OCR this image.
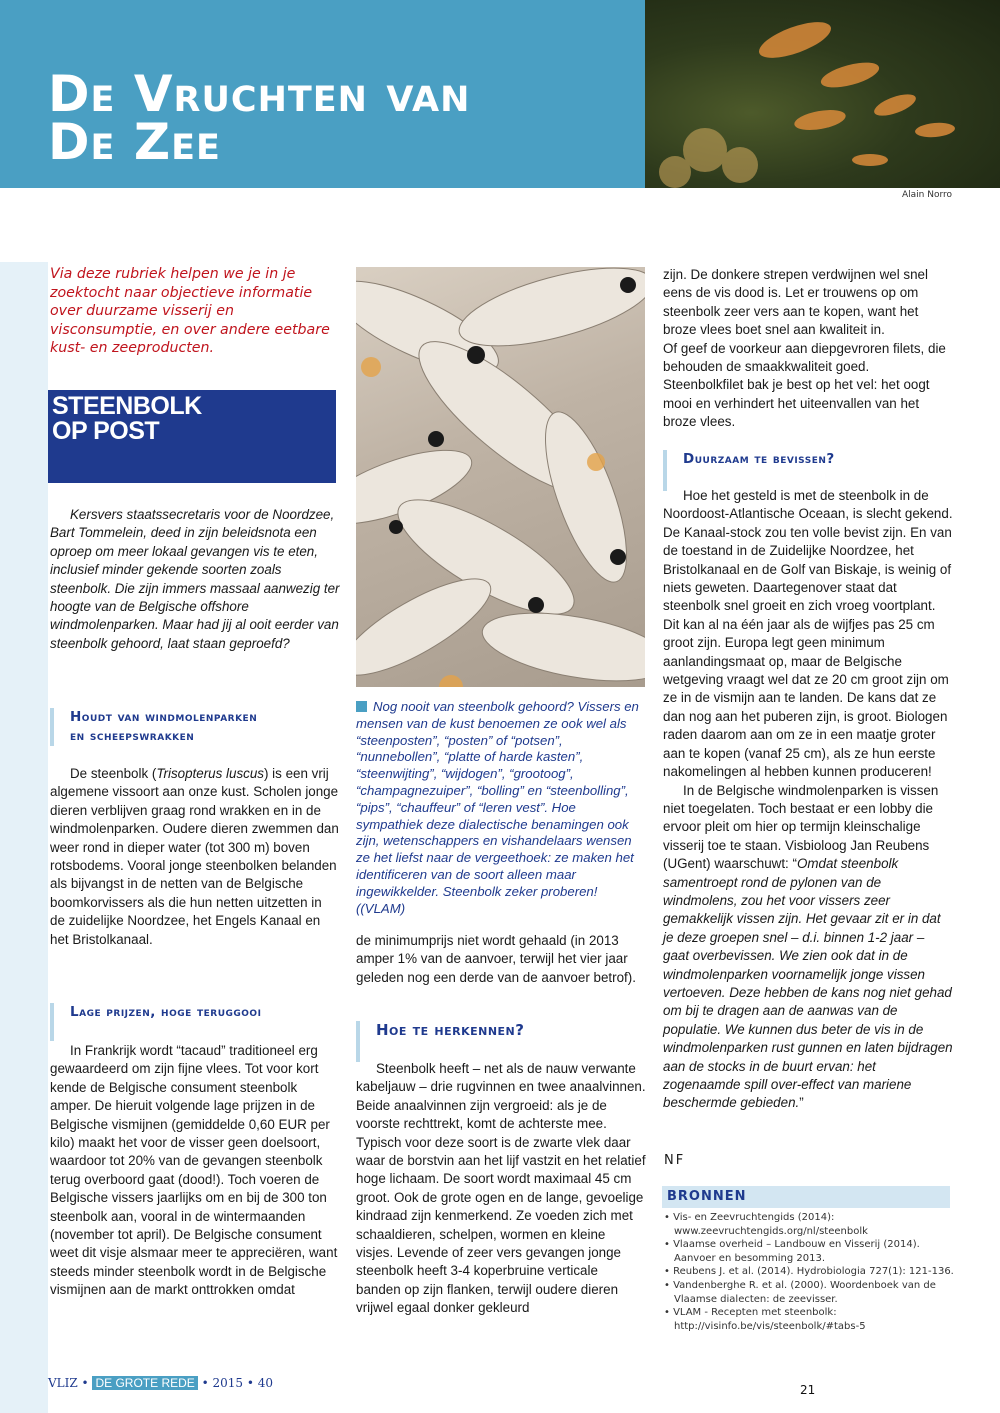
De Vruchten van
De Zee
Alain Norro

Via deze rubriek helpen we je in je zoektocht naar objectieve informatie over duurzame visserij en visconsumptie, en over andere eetbare kust- en zeeproducten.

STEENBOLK
OP POST

Kersvers staatssecretaris voor de Noordzee, Bart Tommelein, deed in zijn beleidsnota een oproep om meer lokaal gevangen vis te eten, inclusief minder gekende soorten zoals steenbolk. Die zijn immers massaal aanwezig ter hoogte van de Belgische offshore windmolenparken. Maar had jij al ooit eerder van steenbolk gehoord, laat staan geproefd?

Houdt van windmolenparken
en scheepswrakken

De steenbolk (Trisopterus luscus) is een vrij algemene vissoort aan onze kust. Scholen jonge dieren verblijven graag rond wrakken en in de windmolenparken. Oudere dieren zwemmen dan weer rond in dieper water (tot 300 m) boven rotsbodems. Vooral jonge steenbolken belanden als bijvangst in de netten van de Belgische boomkorvissers als die hun netten uitzetten in de zuidelijke Noordzee, het Engels Kanaal en het Bristolkanaal.

Lage prijzen, hoge teruggooi

In Frankrijk wordt “tacaud” traditioneel erg gewaardeerd om zijn fijne vlees. Tot voor kort kende de Belgische consument steenbolk amper. De hieruit volgende lage prijzen in de Belgische vismijnen (gemiddelde 0,60 EUR per kilo) maakt het voor de visser geen doelsoort, waardoor tot 20% van de gevangen steenbolk terug overboord gaat (dood!). Toch voeren de Belgische vissers jaarlijks om en bij de 300 ton steenbolk aan, vooral in de wintermaanden (november tot april). De Belgische consument weet dit visje alsmaar meer te appreciëren, want steeds minder steenbolk wordt in de Belgische vismijnen aan de markt onttrokken omdat

Nog nooit van steenbolk gehoord? Vissers en mensen van de kust benoemen ze ook wel als “steenposten”, “posten” of “potsen”, “nunnebollen”, “platte of harde kasten”, “steenwijting”, “wijdogen”, “grootoog”, “champagnezuiper”, “bolling” en “steenbolling”, “pips”, “chauffeur” of “leren vest”. Hoe sympathiek deze dialectische benamingen ook zijn, wetenschappers en vishandelaars wensen ze het liefst naar de vergeethoek: ze maken het identificeren van de soort alleen maar ingewikkelder. Steenbolk zeker proberen! ((VLAM)

de minimumprijs niet wordt gehaald (in 2013 amper 1% van de aanvoer, terwijl het vier jaar geleden nog een derde van de aanvoer betrof).

Hoe te herkennen?

Steenbolk heeft – net als de nauw verwante kabeljauw – drie rugvinnen en twee anaalvinnen. Beide anaalvinnen zijn vergroeid: als je de voorste rechttrekt, komt de achterste mee. Typisch voor deze soort is de zwarte vlek daar waar de borstvin aan het lijf vastzit en het relatief hoge lichaam. De soort wordt maximaal 45 cm groot. Ook de grote ogen en de lange, gevoelige kindraad zijn kenmerkend. Ze voeden zich met schaaldieren, schelpen, wormen en kleine visjes. Levende of zeer vers gevangen jonge steenbolk heeft 3-4 koperbruine verticale banden op zijn flanken, terwijl oudere dieren vrijwel egaal donker gekleurd

zijn. De donkere strepen verdwijnen wel snel eens de vis dood is. Let er trouwens op om steenbolk zeer vers aan te kopen, want het broze vlees boet snel aan kwaliteit in.

Of geef de voorkeur aan diepgevroren filets, die behouden de smaakkwaliteit goed.

Steenbolkfilet bak je best op het vel: het oogt mooi en verhindert het uiteenvallen van het broze vlees.

Duurzaam te bevissen?

Hoe het gesteld is met de steenbolk in de Noordoost-Atlantische Oceaan, is slecht gekend. De Kanaal-stock zou ten volle bevist zijn. En van de toestand in de Zuidelijke Noordzee, het Bristolkanaal en de Golf van Biskaje, is weinig of niets geweten. Daartegenover staat dat steenbolk snel groeit en zich vroeg voortplant. Dit kan al na één jaar als de wijfjes pas 25 cm groot zijn. Europa legt geen minimum aanlandingsmaat op, maar de Belgische wetgeving vraagt wel dat ze 20 cm groot zijn om ze in de vismijn aan te landen. De kans dat ze dan nog aan het puberen zijn, is groot. Biologen raden daarom aan om ze in een maatje groter aan te kopen (vanaf 25 cm), als ze hun eerste nakomelingen al hebben kunnen produceren!

In de Belgische windmolenparken is vissen niet toegelaten. Toch bestaat er een lobby die ervoor pleit om hier op termijn kleinschalige visserij toe te staan. Visbioloog Jan Reubens (UGent) waarschuwt: “Omdat steenbolk samentroept rond de pylonen van de windmolens, zou het voor vissers zeer gemakkelijk vissen zijn. Het gevaar zit er in dat je deze groepen snel – d.i. binnen 1-2 jaar – gaat overbevissen. We zien ook dat in de windmolenparken voornamelijk jonge vissen vertoeven. Deze hebben de kans nog niet gehad om bij te dragen aan de aanwas van de populatie. We kunnen dus beter de vis in de windmolenparken rust gunnen en laten bijdragen aan de stocks in de buurt ervan: het zogenaamde spill over-effect van mariene beschermde gebieden.”

NF
BRONNEN
• Vis- en Zeevruchtengids (2014): www.zeevruchtengids.org/nl/steenbolk
• Vlaamse overheid – Landbouw en Visserij (2014). Aanvoer en besomming 2013.
• Reubens J. et al. (2014). Hydrobiologia 727(1): 121-136.
• Vandenberghe R. et al. (2000). Woordenboek van de Vlaamse dialecten: de zeevisser.
• VLAM - Recepten met steenbolk: http://visinfo.be/vis/steenbolk/#tabs-5
VLIZ • DE GROTE REDE • 2015 • 40	21
